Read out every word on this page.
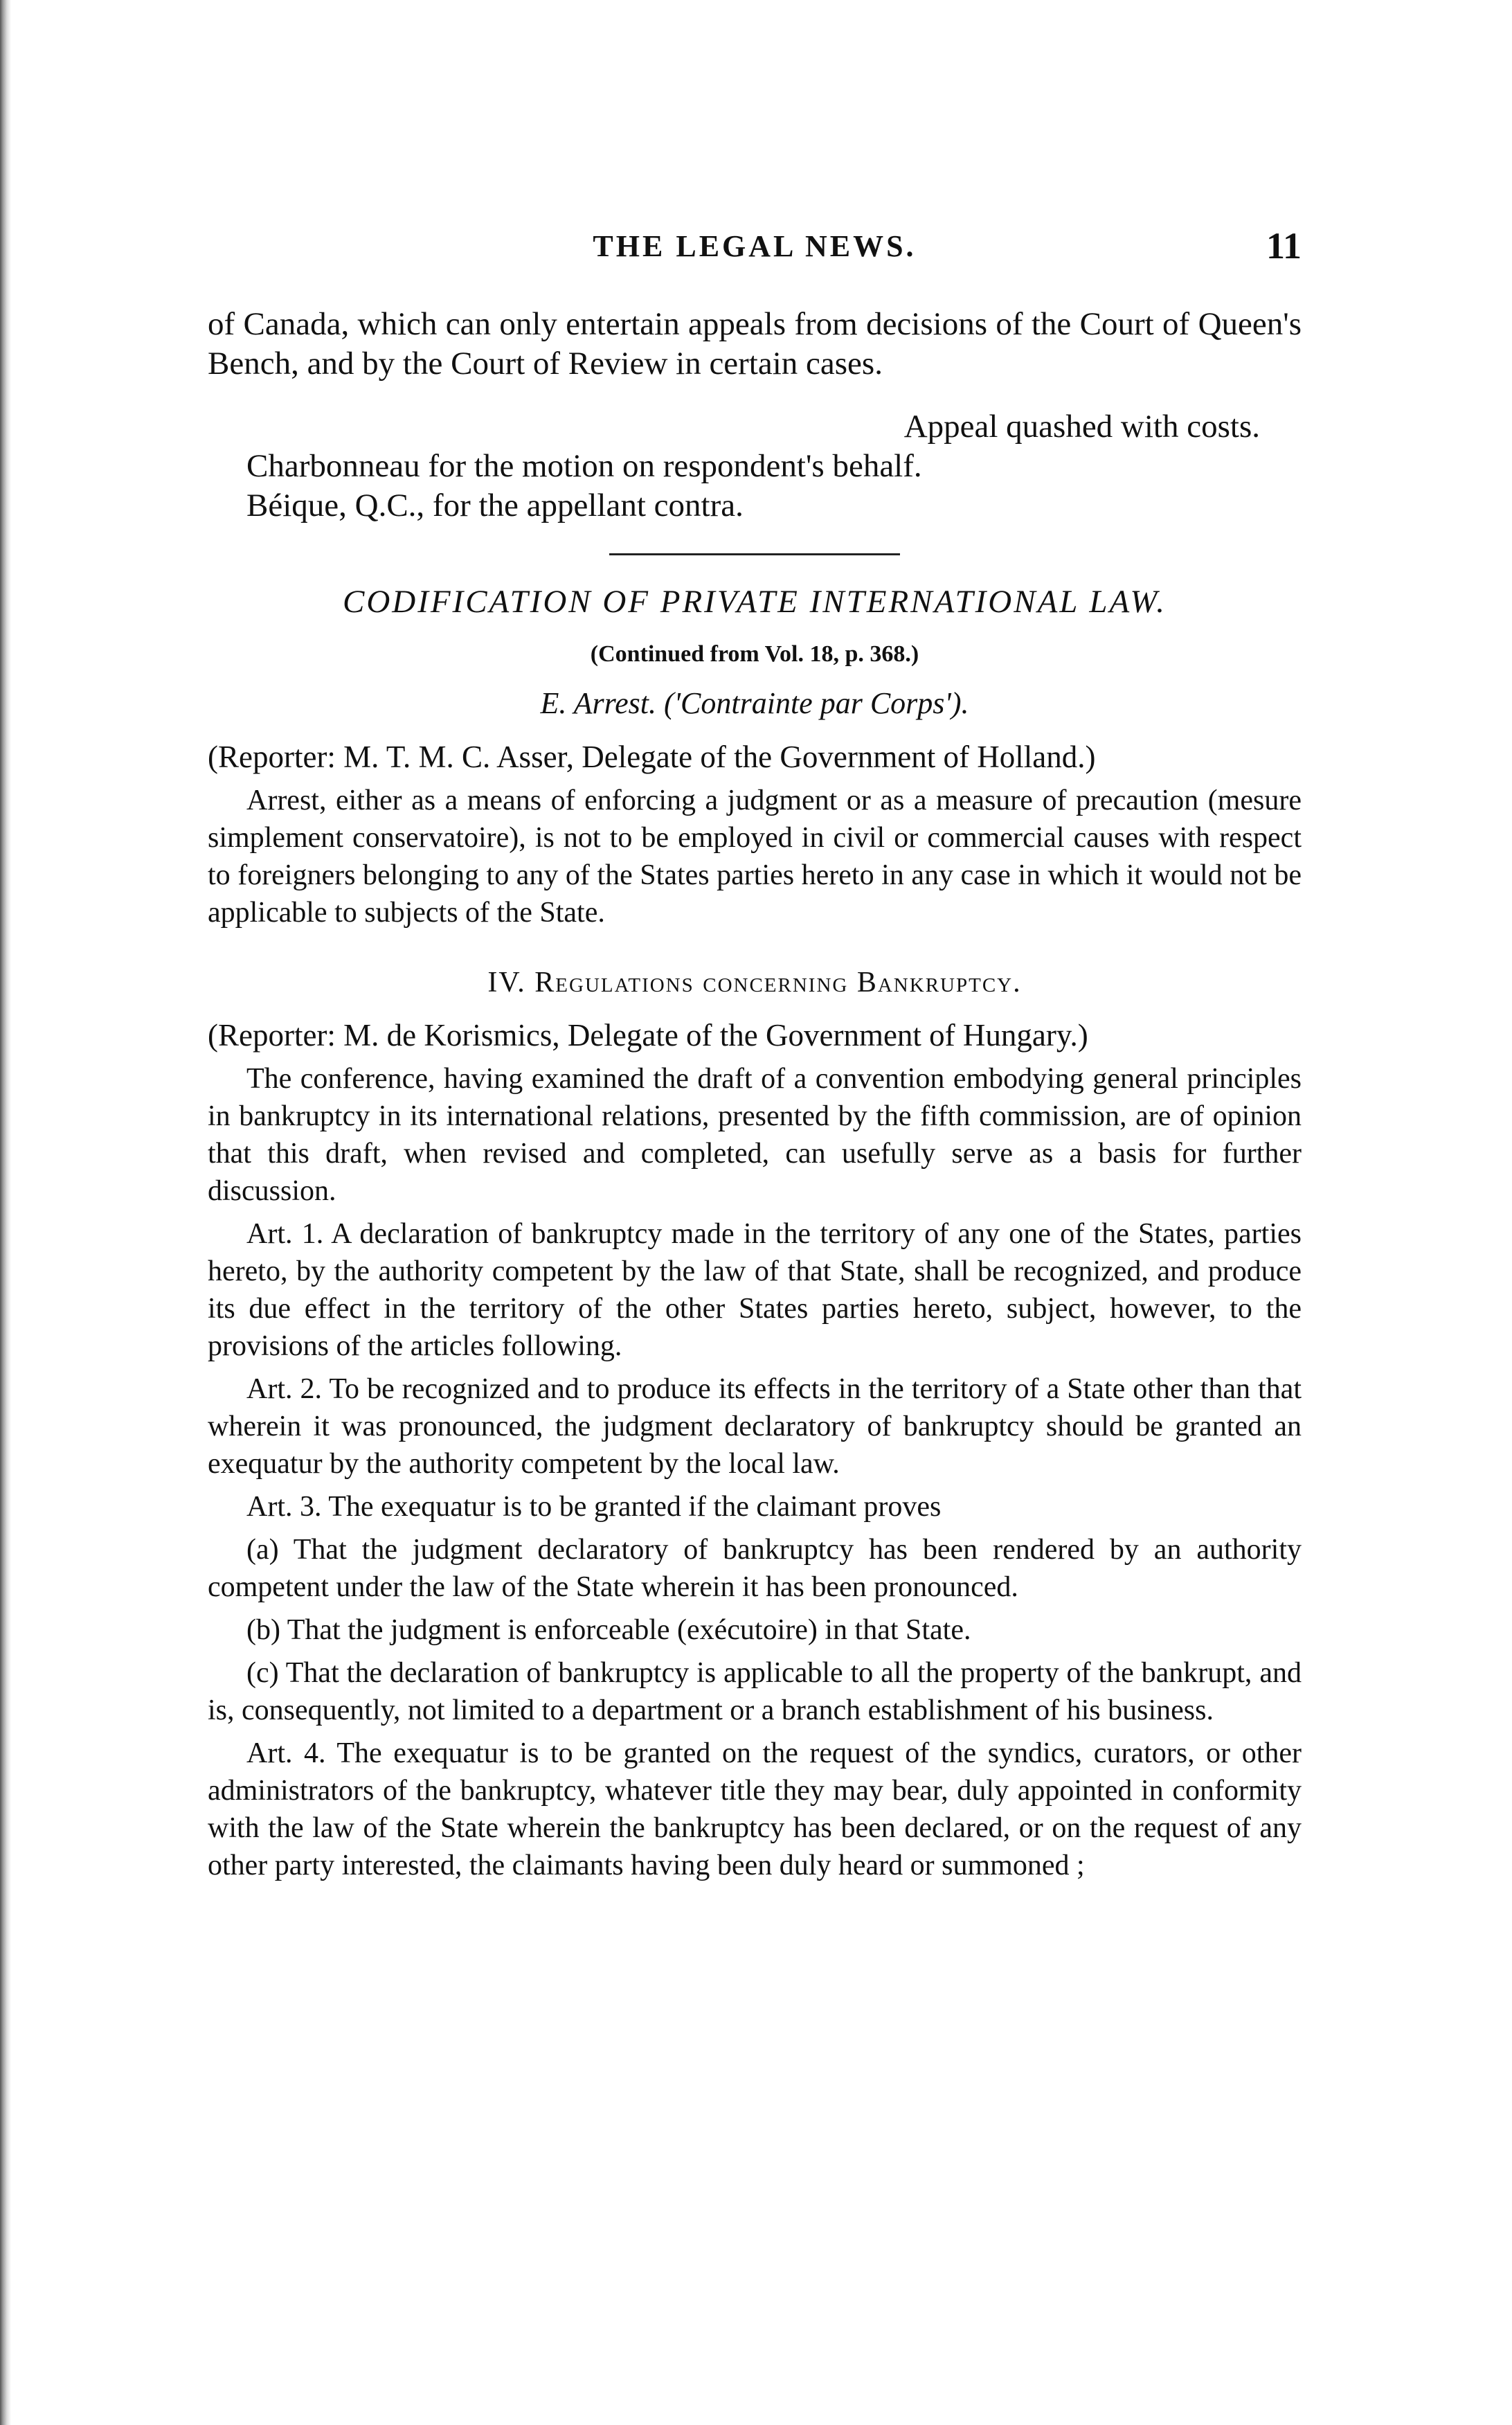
THE LEGAL NEWS.	11

of Canada, which can only entertain appeals from decisions of the Court of Queen's Bench, and by the Court of Review in certain cases.

Appeal quashed with costs.

Charbonneau for the motion on respondent's behalf.

Béique, Q.C., for the appellant contra.

CODIFICATION OF PRIVATE INTERNATIONAL LAW.
(Continued from Vol. 18, p. 368.)
E. Arrest. ('Contrainte par Corps').

(Reporter: M. T. M. C. Asser, Delegate of the Government of Holland.)

Arrest, either as a means of enforcing a judgment or as a measure of precaution (mesure simplement conservatoire), is not to be employed in civil or commercial causes with respect to foreigners belonging to any of the States parties hereto in any case in which it would not be applicable to subjects of the State.

IV. Regulations concerning Bankruptcy.

(Reporter: M. de Korismics, Delegate of the Government of Hungary.)

The conference, having examined the draft of a convention embodying general principles in bankruptcy in its international relations, presented by the fifth commission, are of opinion that this draft, when revised and completed, can usefully serve as a basis for further discussion.

Art. 1. A declaration of bankruptcy made in the territory of any one of the States, parties hereto, by the authority competent by the law of that State, shall be recognized, and produce its due effect in the territory of the other States parties hereto, subject, however, to the provisions of the articles following.

Art. 2. To be recognized and to produce its effects in the territory of a State other than that wherein it was pronounced, the judgment declaratory of bankruptcy should be granted an exequatur by the authority competent by the local law.

Art. 3. The exequatur is to be granted if the claimant proves

(a) That the judgment declaratory of bankruptcy has been rendered by an authority competent under the law of the State wherein it has been pronounced.

(b) That the judgment is enforceable (exécutoire) in that State.

(c) That the declaration of bankruptcy is applicable to all the property of the bankrupt, and is, consequently, not limited to a department or a branch establishment of his business.

Art. 4. The exequatur is to be granted on the request of the syndics, curators, or other administrators of the bankruptcy, whatever title they may bear, duly appointed in conformity with the law of the State wherein the bankruptcy has been declared, or on the request of any other party interested, the claimants having been duly heard or summoned ;
